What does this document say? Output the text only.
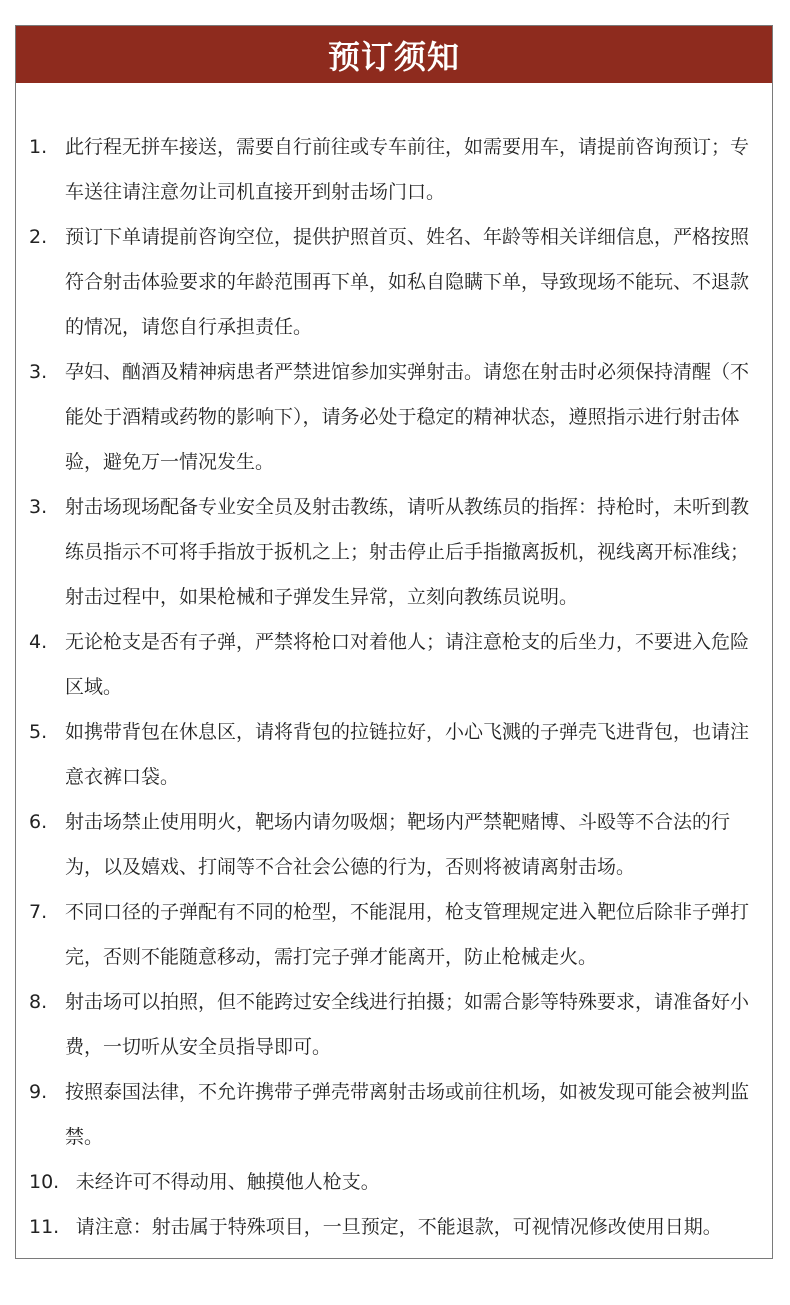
预订须知
1. 此行程无拼车接送，需要自行前往或专车前往，如需要用车，请提前咨询预订；专车送往请注意勿让司机直接开到射击场门口。
2. 预订下单请提前咨询空位，提供护照首页、姓名、年龄等相关详细信息，严格按照符合射击体验要求的年龄范围再下单，如私自隐瞒下单，导致现场不能玩、不退款的情况，请您自行承担责任。
3. 孕妇、酗酒及精神病患者严禁进馆参加实弹射击。请您在射击时必须保持清醒（不能处于酒精或药物的影响下），请务必处于稳定的精神状态，遵照指示进行射击体验，避免万一情况发生。
3. 射击场现场配备专业安全员及射击教练，请听从教练员的指挥：持枪时，未听到教练员指示不可将手指放于扳机之上；射击停止后手指撤离扳机，视线离开标准线；射击过程中，如果枪械和子弹发生异常，立刻向教练员说明。
4. 无论枪支是否有子弹，严禁将枪口对着他人；请注意枪支的后坐力，不要进入危险区域。
5. 如携带背包在休息区，请将背包的拉链拉好，小心飞溅的子弹壳飞进背包，也请注意衣裤口袋。
6. 射击场禁止使用明火，靶场内请勿吸烟；靶场内严禁靶赌博、斗殴等不合法的行为，以及嬉戏、打闹等不合社会公德的行为，否则将被请离射击场。
7. 不同口径的子弹配有不同的枪型，不能混用，枪支管理规定进入靶位后除非子弹打完，否则不能随意移动，需打完子弹才能离开，防止枪械走火。
8. 射击场可以拍照，但不能跨过安全线进行拍摄；如需合影等特殊要求，请准备好小费，一切听从安全员指导即可。
9. 按照泰国法律，不允许携带子弹壳带离射击场或前往机场，如被发现可能会被判监禁。
10. 未经许可不得动用、触摸他人枪支。
11. 请注意：射击属于特殊项目，一旦预定，不能退款，可视情况修改使用日期。
